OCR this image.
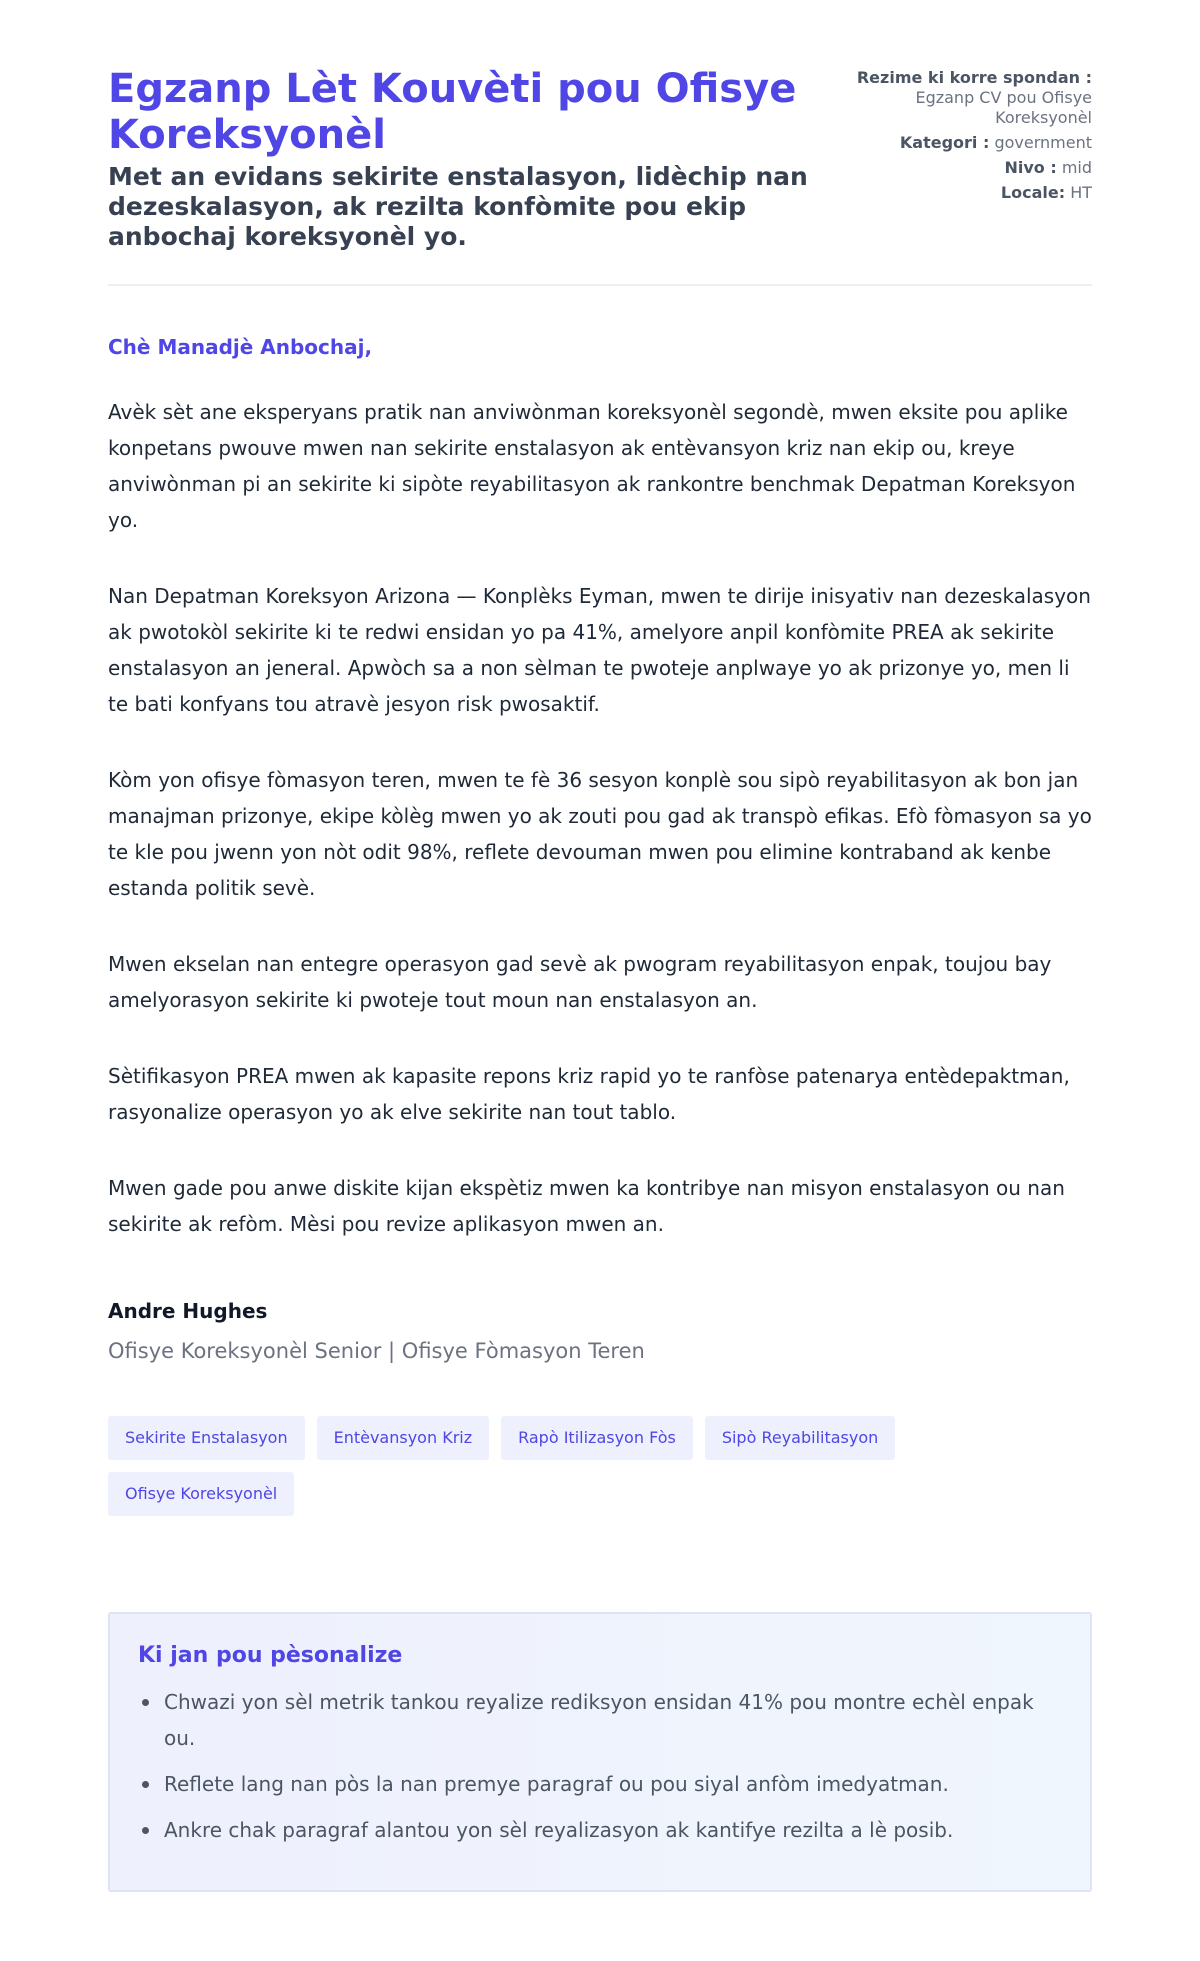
Egzanp Lèt Kouvèti pou Ofisye Koreksyonèl
Met an evidans sekirite enstalasyon, lidèchip nan dezeskalasyon, ak rezilta konfòmite pou ekip anbochaj koreksyonèl yo.
Rezime ki korre spondan : Egzanp CV pou Ofisye Koreksyonèl
Kategori : government
Nivo : mid
Locale: HT
Chè Manadjè Anbochaj,

Avèk sèt ane eksperyans pratik nan anviwònman koreksyonèl segondè, mwen eksite pou aplike konpetans pwouve mwen nan sekirite enstalasyon ak entèvansyon kriz nan ekip ou, kreye anviwònman pi an sekirite ki sipòte reyabilitasyon ak rankontre benchmak Depatman Koreksyon yo.

Nan Depatman Koreksyon Arizona — Konplèks Eyman, mwen te dirije inisyativ nan dezeskalasyon ak pwotokòl sekirite ki te redwi ensidan yo pa 41%, amelyore anpil konfòmite PREA ak sekirite enstalasyon an jeneral. Apwòch sa a non sèlman te pwoteje anplwaye yo ak prizonye yo, men li te bati konfyans tou atravè jesyon risk pwosaktif.

Kòm yon ofisye fòmasyon teren, mwen te fè 36 sesyon konplè sou sipò reyabilitasyon ak bon jan manajman prizonye, ekipe kòlèg mwen yo ak zouti pou gad ak transpò efikas. Efò fòmasyon sa yo te kle pou jwenn yon nòt odit 98%, reflete devouman mwen pou elimine kontraband ak kenbe estanda politik sevè.

Mwen ekselan nan entegre operasyon gad sevè ak pwogram reyabilitasyon enpak, toujou bay amelyorasyon sekirite ki pwoteje tout moun nan enstalasyon an.

Sètifikasyon PREA mwen ak kapasite repons kriz rapid yo te ranfòse patenarya entèdepaktman, rasyonalize operasyon yo ak elve sekirite nan tout tablo.

Mwen gade pou anwe diskite kijan ekspètiz mwen ka kontribye nan misyon enstalasyon ou nan sekirite ak refòm. Mèsi pou revize aplikasyon mwen an.

Andre Hughes
Ofisye Koreksyonèl Senior | Ofisye Fòmasyon Teren
Sekirite Enstalasyon	Entèvansyon Kriz	Rapò Itilizasyon Fòs	Sipò Reyabilitasyon
Ofisye Koreksyonèl
Ki jan pou pèsonalize
Chwazi yon sèl metrik tankou reyalize rediksyon ensidan 41% pou montre echèl enpak ou.
Reflete lang nan pòs la nan premye paragraf ou pou siyal anfòm imedyatman.
Ankre chak paragraf alantou yon sèl reyalizasyon ak kantifye rezilta a lè posib.
